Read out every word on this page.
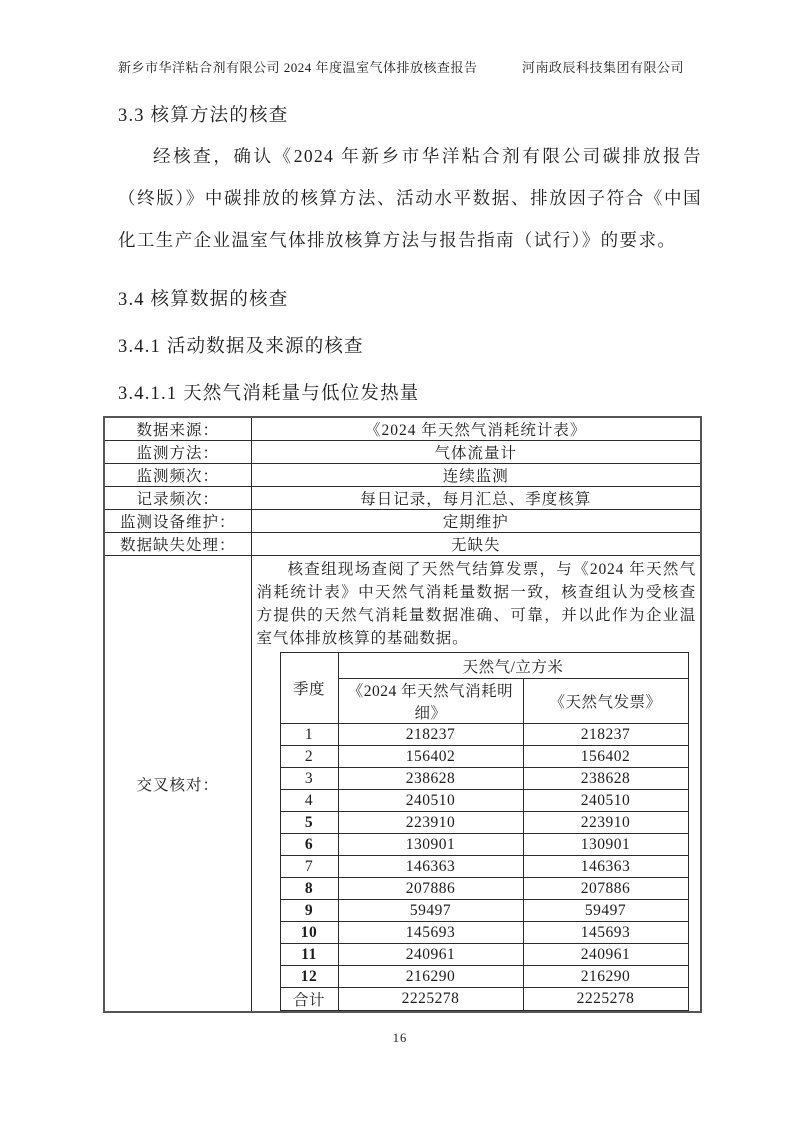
新乡市华洋粘合剂有限公司 2024 年度温室气体排放核查报告	河南政辰科技集团有限公司
3.3 核算方法的核查

经核查，确认《2024 年新乡市华洋粘合剂有限公司碳排放报告（终版）》中碳排放的核算方法、活动水平数据、排放因子符合《中国化工生产企业温室气体排放核算方法与报告指南（试行）》的要求。

3.4 核算数据的核查
3.4.1 活动数据及来源的核查
3.4.1.1 天然气消耗量与低位发热量
数据来源：	《2024 年天然气消耗统计表》
监测方法：	气体流量计
监测频次：	连续监测
记录频次：	每日记录，每月汇总、季度核算
监测设备维护：	定期维护
数据缺失处理：	无缺失
交叉核对：	

核查组现场查阅了天然气结算发票，与《2024 年天然气消耗统计表》中天然气消耗量数据一致，核查组认为受核查方提供的天然气消耗量数据准确、可靠，并以此作为企业温室气体排放核算的基础数据。

季度	天然气/立方米
《2024 年天然气消耗明细》	《天然气发票》
1	218237	218237
2	156402	156402
3	238628	238628
4	240510	240510
5	223910	223910
6	130901	130901
7	146363	146363
8	207886	207886
9	59497	59497
10	145693	145693
11	240961	240961
12	216290	216290
合计	2225278	2225278
16
